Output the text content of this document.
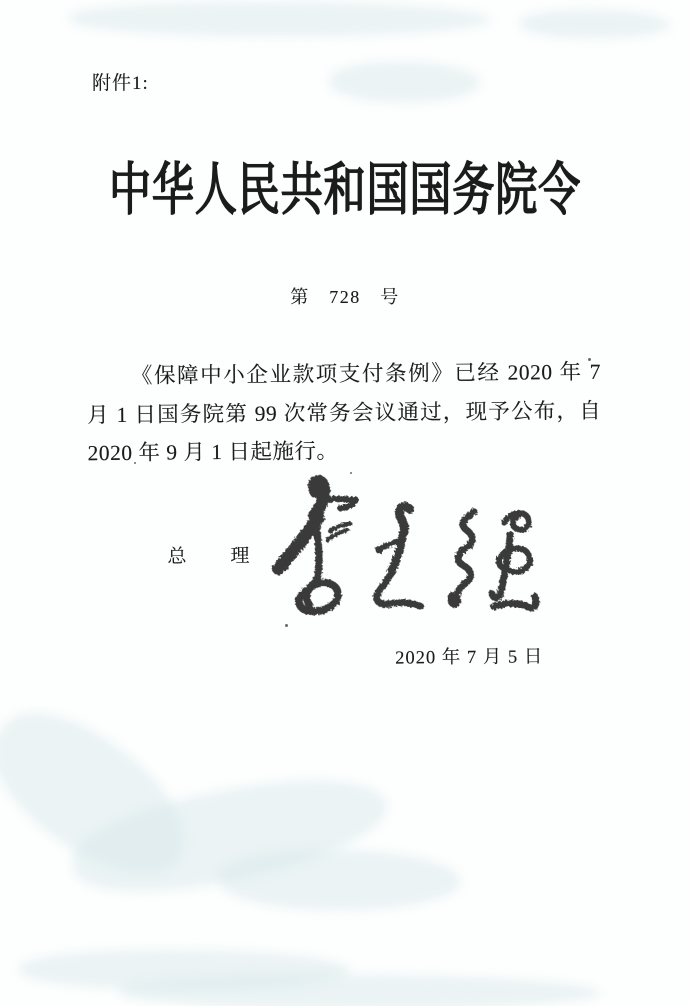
附件1:
中华人民共和国国务院令
第　728　号

《保障中小企业款项支付条例》已经 2020 年 7 月 1 日国务院第 99 次常务会议通过，现予公布，自 2020 年 9 月 1 日起施行。

总　　理
2020 年 7 月 5 日
